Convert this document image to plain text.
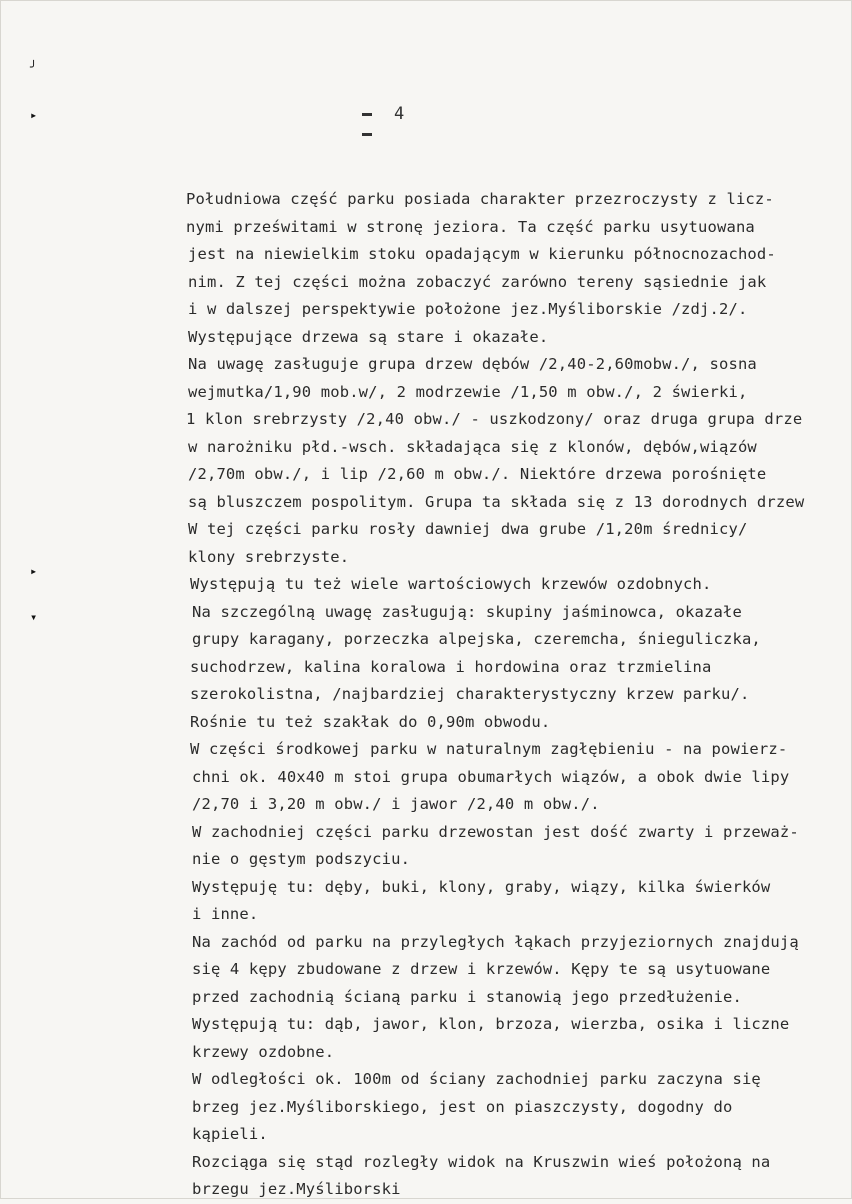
╯
▸
▸
▾
4
Południowa część parku posiada charakter przezroczysty z licz-
nymi prześwitami w stronę jeziora. Ta część parku usytuowana
jest na niewielkim stoku opadającym w kierunku północnozachod-
nim. Z tej części można zobaczyć zarówno tereny sąsiednie jak
i w dalszej perspektywie położone jez.Myśliborskie /zdj.2/.
Występujące drzewa są stare i okazałe.
Na uwagę zasługuje grupa drzew dębów /2,40-2,60mobw./, sosna
wejmutka/1,90 mob.w/, 2 modrzewie /1,50 m obw./, 2 świerki,
1 klon srebrzysty /2,40 obw./ - uszkodzony/ oraz druga grupa drze
w narożniku płd.-wsch. składająca się z klonów, dębów,wiązów
/2,70m obw./, i lip /2,60 m obw./. Niektóre drzewa porośnięte
są bluszczem pospolitym. Grupa ta składa się z 13 dorodnych drzew
W tej części parku rosły dawniej dwa grube /1,20m średnicy/
klony srebrzyste.
Występują tu też wiele wartościowych krzewów ozdobnych.
Na szczególną uwagę zasługują: skupiny jaśminowca, okazałe
grupy karagany, porzeczka alpejska, czeremcha, śnieguliczka,
suchodrzew, kalina koralowa i hordowina oraz trzmielina
szerokolistna, /najbardziej charakterystyczny krzew parku/.
Rośnie tu też szakłak do 0,90m obwodu.
W części środkowej parku w naturalnym zagłębieniu - na powierz-
chni ok. 40x40 m stoi grupa obumarłych wiązów, a obok dwie lipy
/2,70 i 3,20 m obw./ i jawor /2,40 m obw./.
W zachodniej części parku drzewostan jest dość zwarty i przeważ-
nie o gęstym podszyciu.
Występuję tu: dęby, buki, klony, graby, wiązy, kilka świerków
i inne.
Na zachód od parku na przyległych łąkach przyjeziornych znajdują
się 4 kępy zbudowane z drzew i krzewów. Kępy te są usytuowane
przed zachodnią ścianą parku i stanowią jego przedłużenie.
Występują tu: dąb, jawor, klon, brzoza, wierzba, osika i liczne
krzewy ozdobne.
W odległości ok. 100m od ściany zachodniej parku zaczyna się
brzeg jez.Myśliborskiego, jest on piaszczysty, dogodny do
kąpieli.
Rozciąga się stąd rozległy widok na Kruszwin wieś położoną na
brzegu jez.Myśliborski
